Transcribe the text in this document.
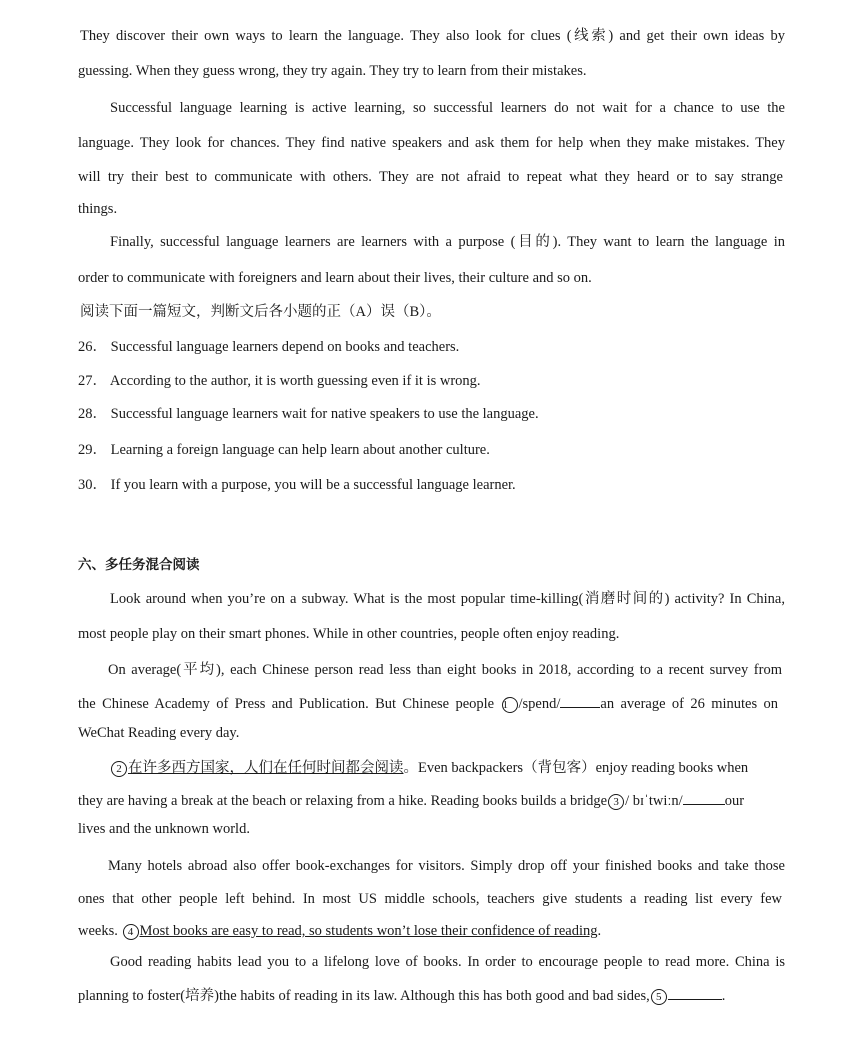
They discover their own ways to learn the language. They also look for clues (线索) and get their own ideas by
guessing. When they guess wrong, they try again. They try to learn from their mistakes.
Successful language learning is active learning, so successful learners do not wait for a chance to use the
language. They look for chances. They find native speakers and ask them for help when they make mistakes. They
will try their best to communicate with others. They are not afraid to repeat what they heard or to say strange
things.
Finally, successful language learners are learners with a purpose (目的). They want to learn the language in
order to communicate with foreigners and learn about their lives, their culture and so on.
阅读下面一篇短文，判断文后各小题的正（A）误（B）。
26． Successful language learners depend on books and teachers.
27． According to the author, it is worth guessing even if it is wrong.
28． Successful language learners wait for native speakers to use the language.
29． Learning a foreign language can help learn about another culture.
30． If you learn with a purpose, you will be a successful language learner.
六、多任务混合阅读
Look around when you’re on a subway. What is the most popular time-killing(消磨时间的) activity? In China,
most people play on their smart phones. While in other countries, people often enjoy reading.
On average(平均), each Chinese person read less than eight books in 2018, according to a recent survey from
the Chinese Academy of Press and Publication. But Chinese people 1 /spend/	an average of 26 minutes on
WeChat Reading every day.
2 在许多西方国家，人们在任何时间都会阅读。Even backpackers（背包客）enjoy reading books when
they are having a break at the beach or relaxing from a hike. Reading books builds a bridge 3 / bɪˈtwiːn/	our
lives and the unknown world.
Many hotels abroad also offer book-exchanges for visitors. Simply drop off your finished books and take those
ones that other people left behind. In most US middle schools, teachers give students a reading list every few
weeks. 4 Most books are easy to read, so students won’t lose their confidence of reading.
Good reading habits lead you to a lifelong love of books. In order to encourage people to read more. China is
planning to foster(培养)the habits of reading in its law. Although this has both good and bad sides, 5	.
